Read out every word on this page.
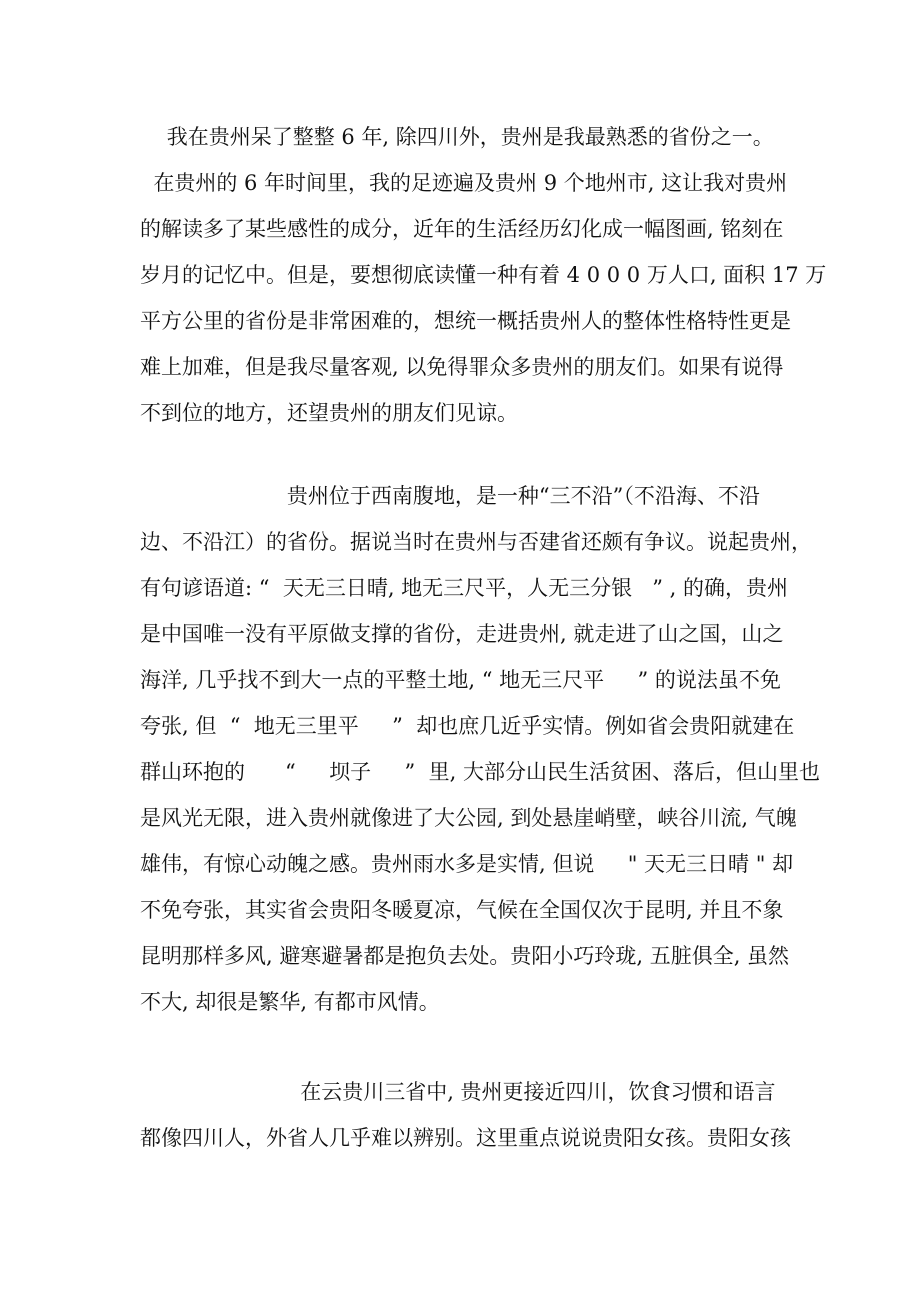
我在贵州呆了整整 6 年, 除四川外，贵州是我最熟悉的省份之一。
在贵州的 6 年时间里，我的足迹遍及贵州 9 个地州市, 这让我对贵州
的解读多了某些感性的成分，近年的生活经历幻化成一幅图画, 铭刻在
岁月的记忆中。但是，要想彻底读懂一种有着 4 0 0 0 万人口, 面积 17 万
平方公里的省份是非常困难的，想统一概括贵州人的整体性格特性更是
难上加难，但是我尽量客观, 以免得罪众多贵州的朋友们。如果有说得
不到位的地方，还望贵州的朋友们见谅。
贵州位于西南腹地，是一种“三不沿”（不沿海、不沿
边、不沿江）的省份。据说当时在贵州与否建省还颇有争议。说起贵州，
有句谚语道: “  天无三日晴, 地无三尺平，人无三分银   ” , 的确，贵州
是中国唯一没有平原做支撑的省份，走进贵州, 就走进了山之国，山之
海洋, 几乎找不到大一点的平整土地, “ 地无三尺平     ” 的说法虽不免
夸张, 但  “  地无三里平     ”  却也庶几近乎实情。例如省会贵阳就建在
群山环抱的      “     坝子     ”  里, 大部分山民生活贫困、落后，但山里也
是风光无限，进入贵州就像进了大公园, 到处悬崖峭壁，峡谷川流, 气魄
雄伟，有惊心动魄之感。贵州雨水多是实情, 但说     " 天无三日晴 " 却
不免夸张，其实省会贵阳冬暖夏凉，气候在全国仅次于昆明, 并且不象
昆明那样多风, 避寒避暑都是抱负去处。贵阳小巧玲珑, 五脏俱全, 虽然
不大, 却很是繁华, 有都市风情。
在云贵川三省中, 贵州更接近四川，饮食习惯和语言
都像四川人，外省人几乎难以辨别。这里重点说说贵阳女孩。贵阳女孩
